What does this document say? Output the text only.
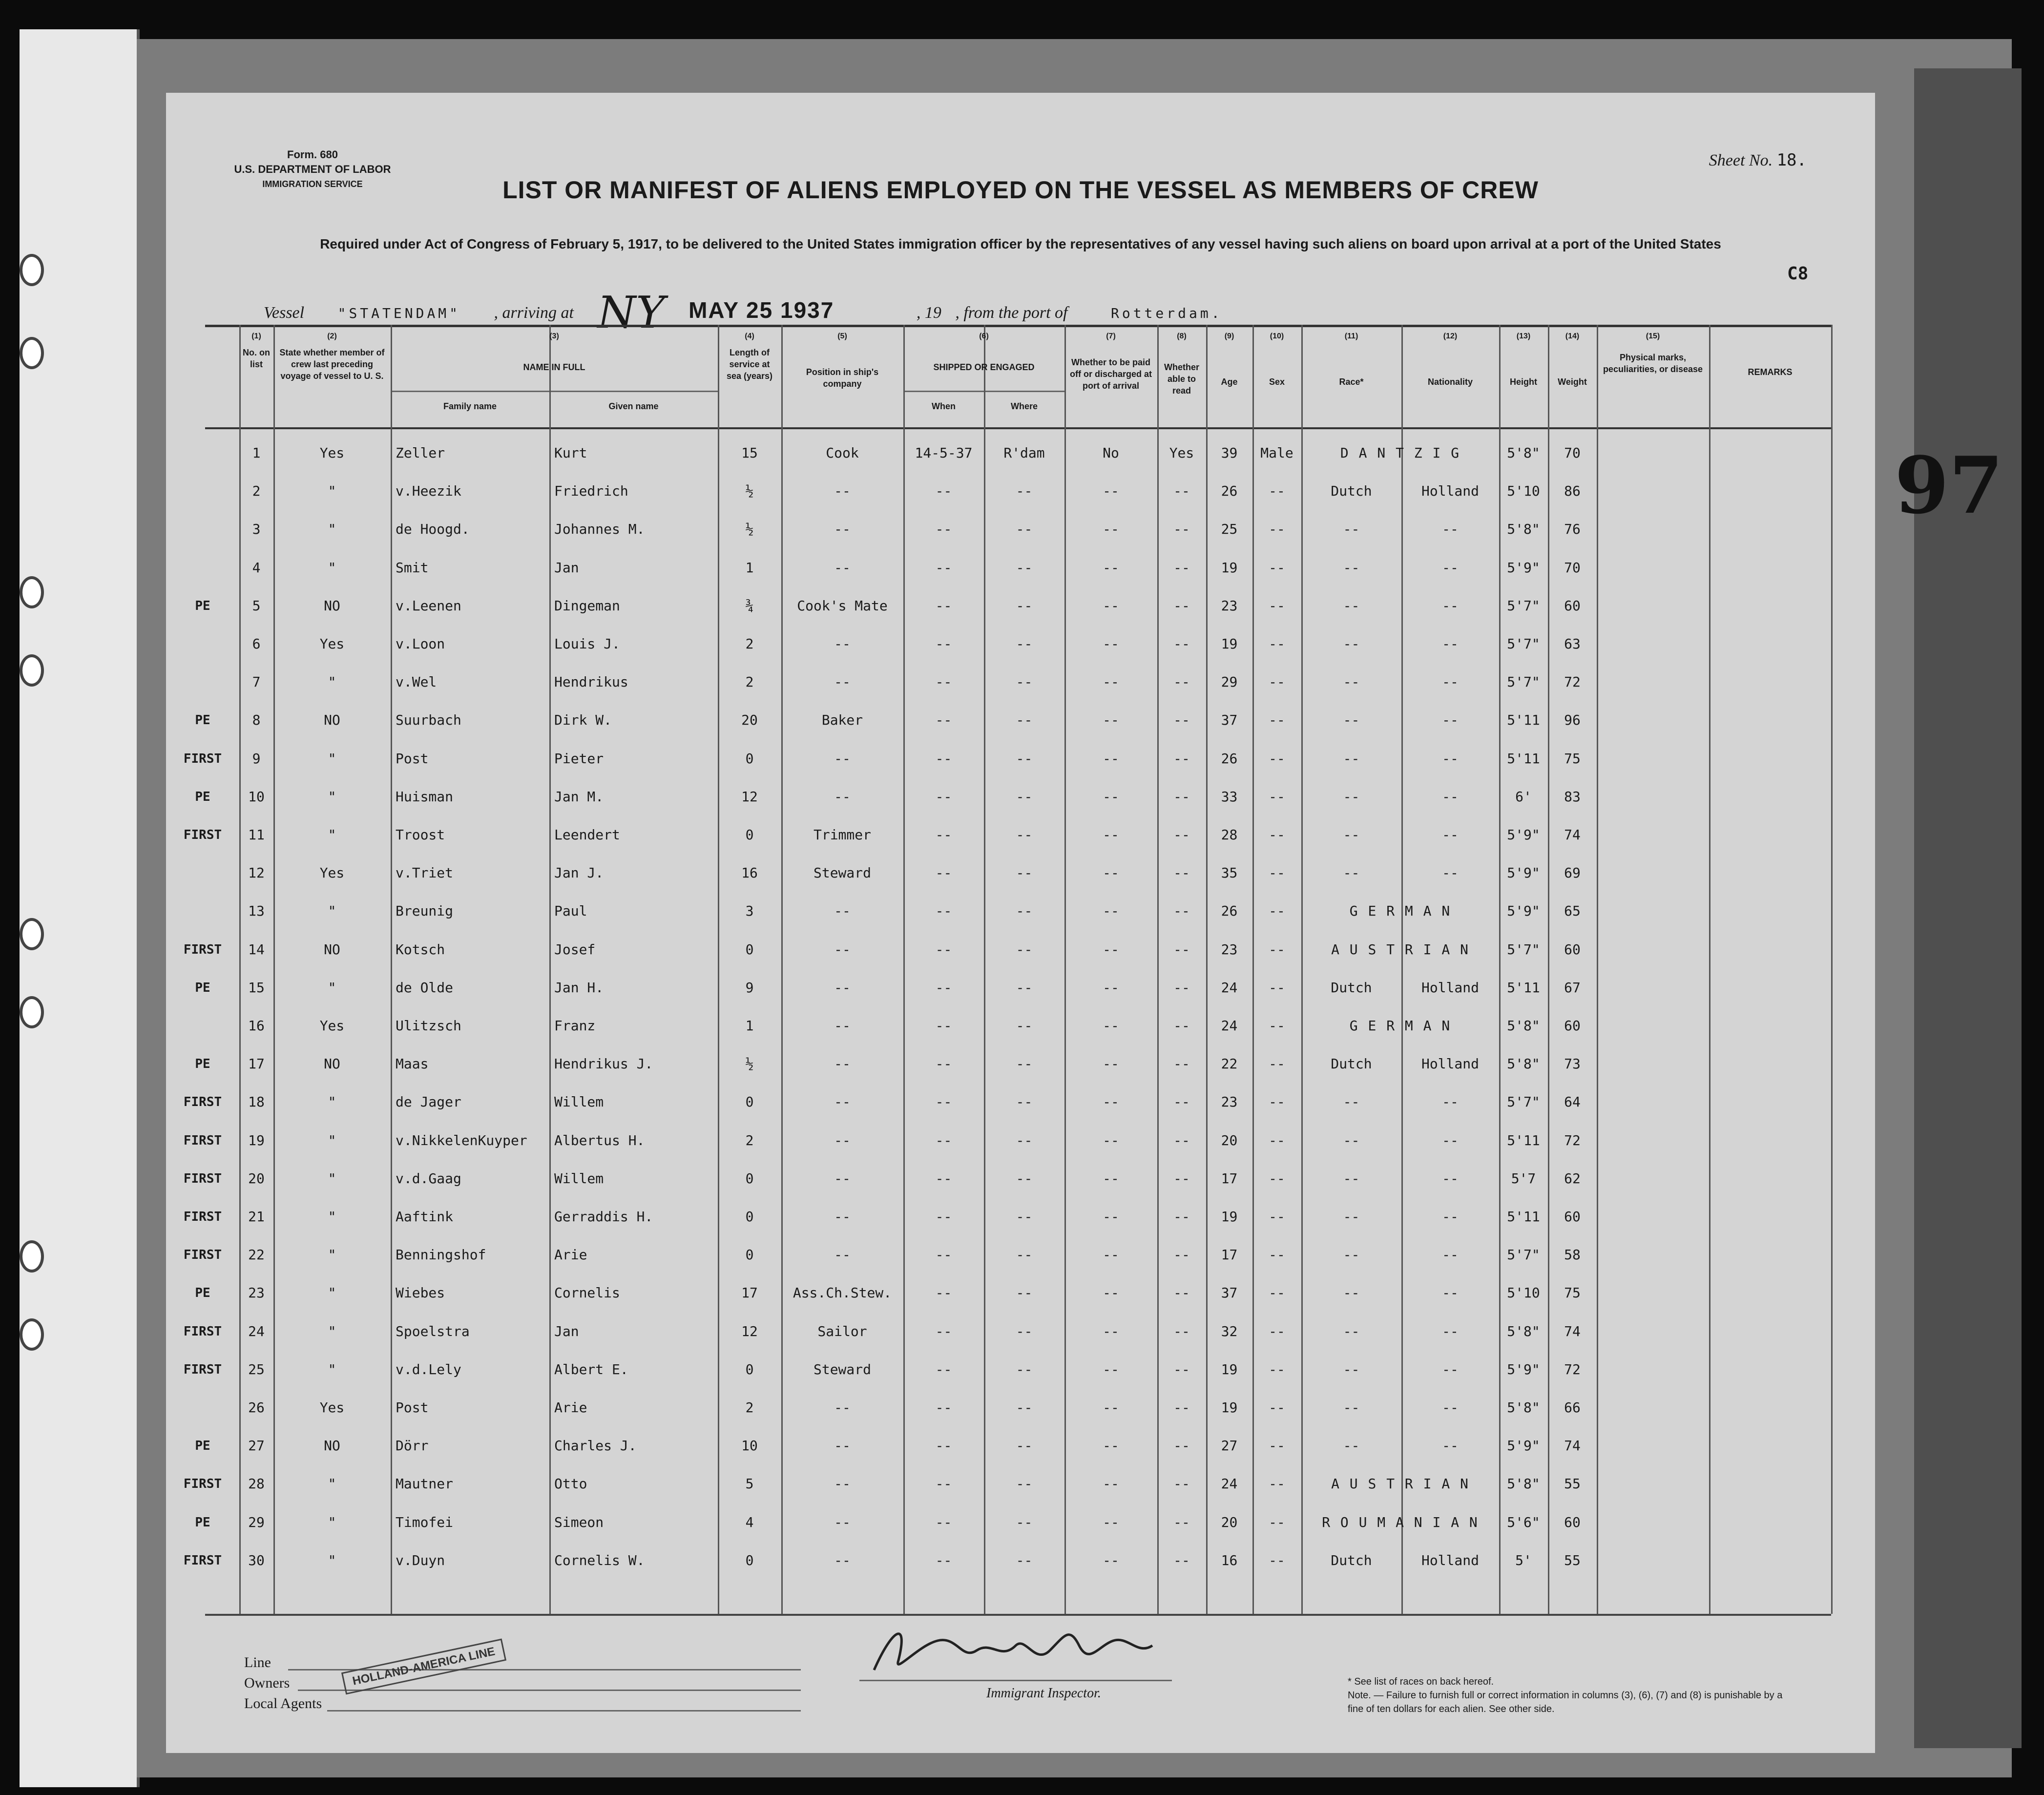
97
Form. 680
U.S. DEPARTMENT OF LABOR
IMMIGRATION SERVICE
Sheet No. 18.
LIST OR MANIFEST OF ALIENS EMPLOYED ON THE VESSEL AS MEMBERS OF CREW
Required under Act of Congress of February 5, 1917, to be delivered to the United States immigration officer by the representatives of any vessel having such aliens on board upon arrival at a port of the United States
Vessel "STATENDAM" , arriving at NY MAY 25 1937	, 19 , from the port of	Rotterdam.
C8
(1)
No. on list
(2)
State whether member of crew last preceding voyage of vessel to U. S.
(3)
NAME IN FULL
Family name	Given name
(4)
Length of service at sea (years)
(5)
Position in ship's company
(6)
SHIPPED OR ENGAGED
When	Where
(7)
Whether to be paid off or discharged at port of arrival
(8)
Whether able to read
(9)
Age
(10)
Sex
(11)
Race*
(12)
Nationality
(13)
Height
(14)
Weight
(15)
Physical marks, peculiarities, or disease	REMARKS
1	Yes	Zeller	Kurt	15	Cook	14-5-37	R'dam	No	Yes	39	Male	D A N T Z I G	5'8"	70
2	"	v.Heezik	Friedrich	½	--	--	--	--	--	26	--	Dutch	Holland	5'10	86
3	"	de Hoogd.	Johannes M.	½	--	--	--	--	--	25	--	--	--	5'8"	76
4	"	Smit	Jan	1	--	--	--	--	--	19	--	--	--	5'9"	70
PE	5	NO	v.Leenen	Dingeman	¾	Cook's Mate	--	--	--	--	23	--	--	--	5'7"	60
6	Yes	v.Loon	Louis J.	2	--	--	--	--	--	19	--	--	--	5'7"	63
7	"	v.Wel	Hendrikus	2	--	--	--	--	--	29	--	--	--	5'7"	72
PE	8	NO	Suurbach	Dirk W.	20	Baker	--	--	--	--	37	--	--	--	5'11	96
FIRST	9	"	Post	Pieter	0	--	--	--	--	--	26	--	--	--	5'11	75
PE	10	"	Huisman	Jan M.	12	--	--	--	--	--	33	--	--	--	6'	83
FIRST	11	"	Troost	Leendert	0	Trimmer	--	--	--	--	28	--	--	--	5'9"	74
12	Yes	v.Triet	Jan J.	16	Steward	--	--	--	--	35	--	--	--	5'9"	69
13	"	Breunig	Paul	3	--	--	--	--	--	26	--	G E R M A N	5'9"	65
FIRST	14	NO	Kotsch	Josef	0	--	--	--	--	--	23	--	A U S T R I A N	5'7"	60
PE	15	"	de Olde	Jan H.	9	--	--	--	--	--	24	--	Dutch	Holland	5'11	67
16	Yes	Ulitzsch	Franz	1	--	--	--	--	--	24	--	G E R M A N	5'8"	60
PE	17	NO	Maas	Hendrikus J.	½	--	--	--	--	--	22	--	Dutch	Holland	5'8"	73
FIRST	18	"	de Jager	Willem	0	--	--	--	--	--	23	--	--	--	5'7"	64
FIRST	19	"	v.NikkelenKuyper	Albertus H.	2	--	--	--	--	--	20	--	--	--	5'11	72
FIRST	20	"	v.d.Gaag	Willem	0	--	--	--	--	--	17	--	--	--	5'7	62
FIRST	21	"	Aaftink	Gerraddis H.	0	--	--	--	--	--	19	--	--	--	5'11	60
FIRST	22	"	Benningshof	Arie	0	--	--	--	--	--	17	--	--	--	5'7"	58
PE	23	"	Wiebes	Cornelis	17	Ass.Ch.Stew.	--	--	--	--	37	--	--	--	5'10	75
FIRST	24	"	Spoelstra	Jan	12	Sailor	--	--	--	--	32	--	--	--	5'8"	74
FIRST	25	"	v.d.Lely	Albert E.	0	Steward	--	--	--	--	19	--	--	--	5'9"	72
26	Yes	Post	Arie	2	--	--	--	--	--	19	--	--	--	5'8"	66
PE	27	NO	Dörr	Charles J.	10	--	--	--	--	--	27	--	--	--	5'9"	74
FIRST	28	"	Mautner	Otto	5	--	--	--	--	--	24	--	A U S T R I A N	5'8"	55
PE	29	"	Timofei	Simeon	4	--	--	--	--	--	20	--	R O U M A N I A N	5'6"	60
FIRST	30	"	v.Duyn	Cornelis W.	0	--	--	--	--	--	16	--	Dutch	Holland	5'	55
Line
Owners
Local Agents
HOLLAND-AMERICA LINE
Immigrant Inspector.
* See list of races on back hereof.
Note. — Failure to furnish full or correct information in columns (3), (6), (7) and (8) is punishable by a fine of ten dollars for each alien. See other side.
